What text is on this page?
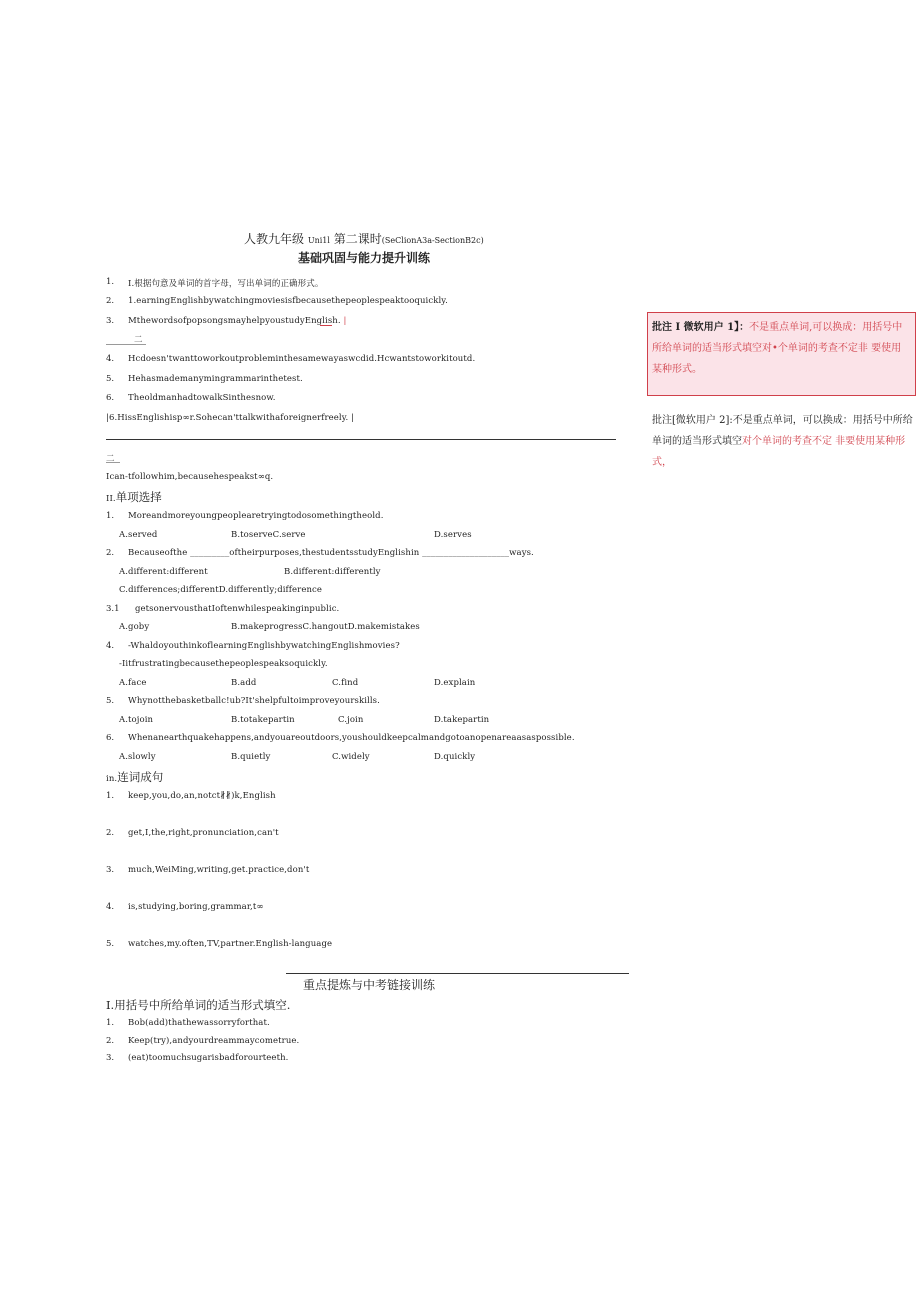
人教九年级 Uni1l 第二课时(SeClionA3a-SectionB2c)
基础巩固与能力提升训练
1. I.根据句意及单词的首字母，写出单词的正确形式。
2. 1.earningEnglishbywatchingmoviesisfbecausethepeoplespeaktooquickly.
3. MthewordsofpopsongsmayhelpyoustudyEnglish. |
二
4. Hcdoesn'twanttoworkoutprobleminthesamewayaswcdid.Hcwantstoworkitoutd.
5. Hehasmademanymingrammarinthetest.
6. TheoldmanhadtowalkSinthesnow.
|6.HissEnglishisp∞r.Sohecan'ttalkwithaforeignerfreely. |
二
Ican-tfollowhim,becausehespeakst∞q.
II.单项选择
1. Moreandmoreyoungpeoplearetryingtodosomethingtheold.
A.served	B.toserveC.serve	D.serves
2. Becauseofthe _________oftheirpurposes,thestudentsstudyEnglishin ____________________ways.
A.different:different	B.different:differently
C.differences;differentD.differently;difference
3.1 getsonervousthatIoftenwhilespeakinginpublic.
A.goby	B.makeprogressC.hangoutD.makemistakes
4. -WhaldoyouthinkoflearningEnglishbywatchingEnglishmovies?
-Iitfrustratingbecausethepeoplespeaksoquickly.
A.face	B.add	C.find	D.explain
5. Whynotthebasketballc!ub?It'shelpfultoimproveyourskills.
A.tojoin	B.totakepartin	C.join	D.takepartin
6. Whenanearthquakehappens,andyouareoutdoors,youshouldkeepcalmandgotoanopenareaasaspossible.
A.slowly	B.quietly	C.widely	D.quickly
in.连词成句
1. keep,you,do,an,notct∦∦)k,English
2. get,I,the,right,pronunciation,can't
3. much,WeiMing,writing,get.practice,don't
4. is,studying,boring,grammar,t∞
5. watches,my.often,TV,partner.English-language
重点提炼与中考链接训练
I.用括号中所给单词的适当形式填空.
1. Bob(add)thathewassorryforthat.
2. Keep(try),andyourdreammaycometrue.
3. (eat)toomuchsugarisbadforourteeth.
批注 I 微软用户 1】：不是重点单词,可以换成：用括号中所给单词的适当形式填空对•个单词的考查不定非 要使用某种形式。
批注[微软用户 2]:不是重点单词，可以换成：用括号中所给单词的适当形式填空对个单词的考查不定 非要使用某种形式，
